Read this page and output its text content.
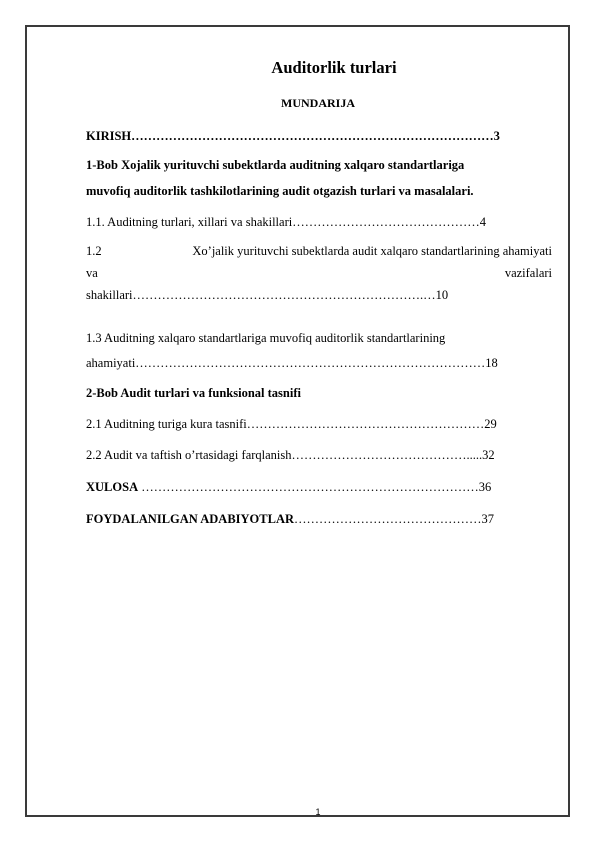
Auditorlik turlari
MUNDARIJA
KIRISH……………………………………………………………………………3
1-Bob Xojalik yurituvchi subektlarda auditning xalqaro standartlariga
muvofiq auditorlik tashkilotlarining audit otgazish turlari va masalalari.
1.1. Auditning turlari, xillari va shakillari………………………………………4
1.2	Xo’jalik yurituvchi subektlarda audit xalqaro standartlarining ahamiyati
va	vazifalari
shakillari…………………………………………………………….…10
1.3 Auditning xalqaro standartlariga muvofiq auditorlik standartlarining
ahamiyati…………………………………………………………………………18
2-Bob Audit turlari va funksional tasnifi
2.1 Auditning turiga kura tasnifi…………………………………………………29
2.2 Audit va taftish o’rtasidagi farqlanish…………………………………….....32
XULOSA ………………………………………………………………………36
FOYDALANILGAN ADABIYOTLAR………………………………………37
1
